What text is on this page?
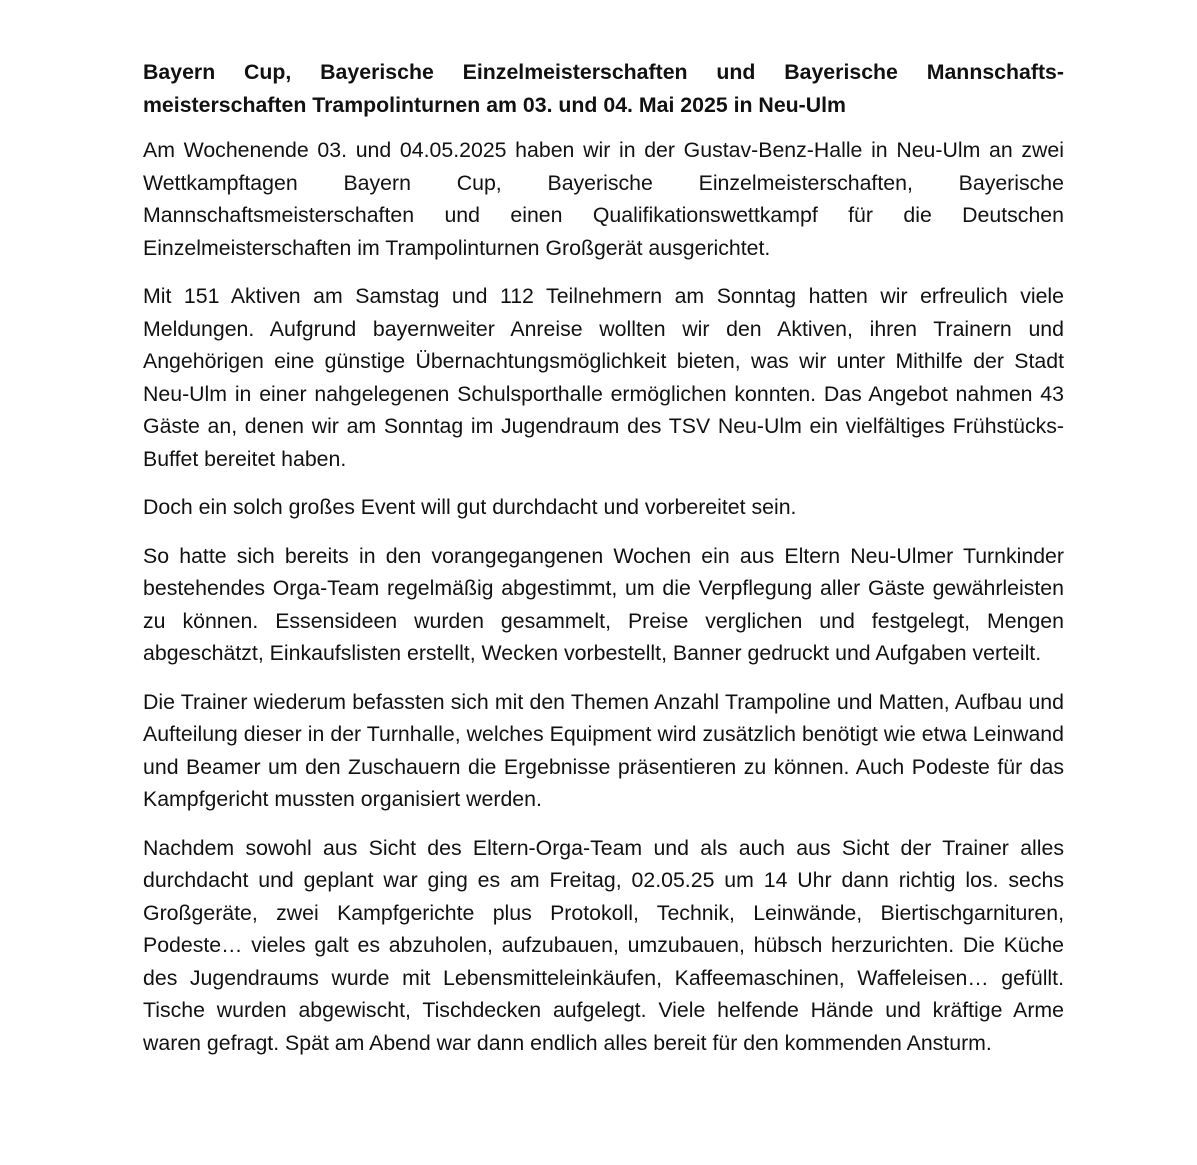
Bayern Cup, Bayerische Einzelmeisterschaften und Bayerische Mannschaftsmeisterschaften Trampolinturnen am 03. und 04. Mai 2025 in Neu-Ulm

Am Wochenende 03. und 04.05.2025 haben wir in der Gustav-Benz-Halle in Neu-Ulm an zwei Wettkampftagen Bayern Cup, Bayerische Einzelmeisterschaften, Bayerische Mannschaftsmeisterschaften und einen Qualifikationswettkampf für die Deutschen Einzelmeisterschaften im Trampolinturnen Großgerät ausgerichtet.

Mit 151 Aktiven am Samstag und 112 Teilnehmern am Sonntag hatten wir erfreulich viele Meldungen. Aufgrund bayernweiter Anreise wollten wir den Aktiven, ihren Trainern und Angehörigen eine günstige Übernachtungsmöglichkeit bieten, was wir unter Mithilfe der Stadt Neu-Ulm in einer nahgelegenen Schulsporthalle ermöglichen konnten. Das Angebot nahmen 43 Gäste an, denen wir am Sonntag im Jugendraum des TSV Neu-Ulm ein vielfältiges Frühstücks-Buffet bereitet haben.

Doch ein solch großes Event will gut durchdacht und vorbereitet sein.

So hatte sich bereits in den vorangegangenen Wochen ein aus Eltern Neu-Ulmer Turnkinder bestehendes Orga-Team regelmäßig abgestimmt, um die Verpflegung aller Gäste gewährleisten zu können. Essensideen wurden gesammelt, Preise verglichen und festgelegt, Mengen abgeschätzt, Einkaufslisten erstellt, Wecken vorbestellt, Banner gedruckt und Aufgaben verteilt.

Die Trainer wiederum befassten sich mit den Themen Anzahl Trampoline und Matten, Aufbau und Aufteilung dieser in der Turnhalle, welches Equipment wird zusätzlich benötigt wie etwa Leinwand und Beamer um den Zuschauern die Ergebnisse präsentieren zu können. Auch Podeste für das Kampfgericht mussten organisiert werden.

Nachdem sowohl aus Sicht des Eltern-Orga-Team und als auch aus Sicht der Trainer alles durchdacht und geplant war ging es am Freitag, 02.05.25 um 14 Uhr dann richtig los. sechs Großgeräte, zwei Kampfgerichte plus Protokoll, Technik, Leinwände, Biertischgarnituren, Podeste… vieles galt es abzuholen, aufzubauen, umzubauen, hübsch herzurichten. Die Küche des Jugendraums wurde mit Lebensmitteleinkäufen, Kaffeemaschinen, Waffeleisen… gefüllt. Tische wurden abgewischt, Tischdecken aufgelegt. Viele helfende Hände und kräftige Arme waren gefragt. Spät am Abend war dann endlich alles bereit für den kommenden Ansturm.
